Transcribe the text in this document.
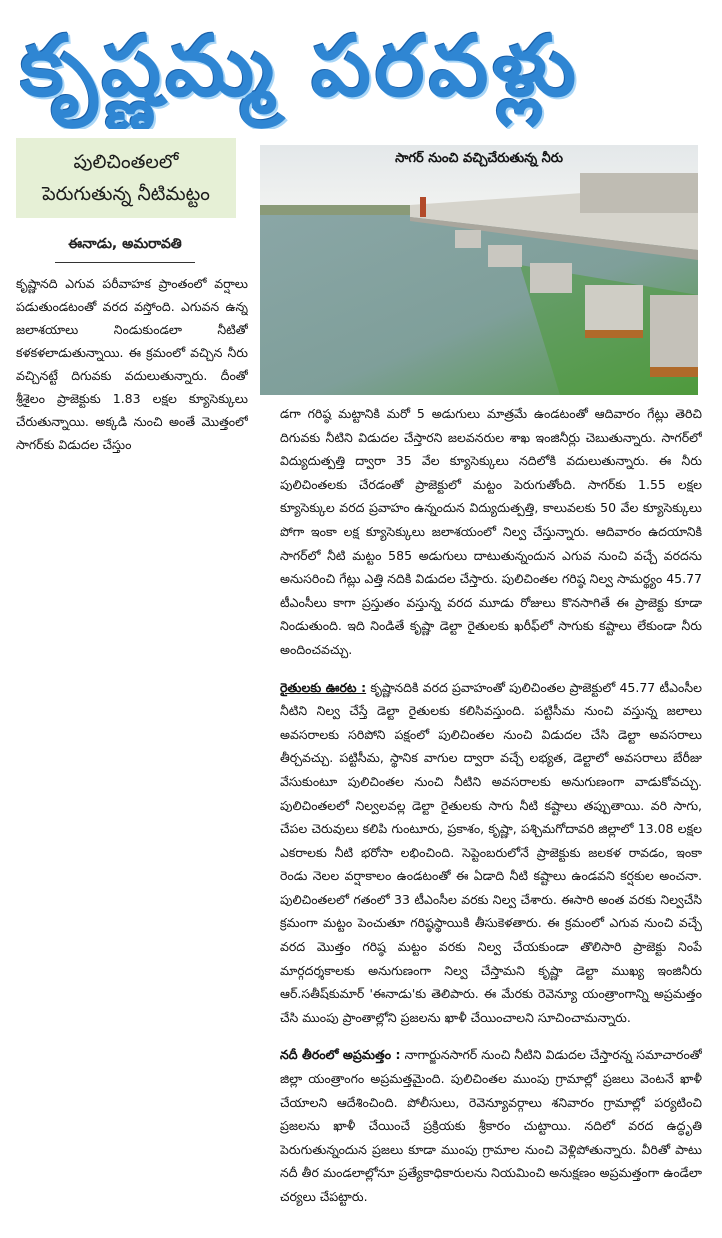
కృష్ణమ్మ పరవళ్లు
పులిచింతలలో
పెరుగుతున్న నీటిమట్టం
ఈనాడు, అమరావతి

కృష్ణానది ఎగువ పరీవాహక ప్రాంతంలో వర్షాలు పడుతుండటంతో వరద వస్తోంది. ఎగువన ఉన్న జలాశయాలు నిండుకుండలా నీటితో కళకళలాడుతున్నాయి. ఈ క్రమంలో వచ్చిన నీరు వచ్చినట్టే దిగువకు వదులుతున్నారు. దీంతో శ్రీశైలం ప్రాజెక్టుకు 1.83 లక్షల క్యూసెక్కులు చేరుతున్నాయి. అక్కడి నుంచి అంతే మొత్తంలో సాగర్‌కు విడుదల చేస్తుం

సాగర్‌ నుంచి వచ్చిచేరుతున్న నీరు

డగా గరిష్ఠ మట్టానికి మరో 5 అడుగులు మాత్రమే ఉండటంతో ఆదివారం గేట్లు తెరిచి దిగువకు నీటిని విడుదల చేస్తారని జలవనరుల శాఖ ఇంజినీర్లు చెబుతున్నారు. సాగర్‌లో విద్యుదుత్పత్తి ద్వారా 35 వేల క్యూసెక్కులు నదిలోకి వదులుతున్నారు. ఈ నీరు పులిచింతలకు చేరడంతో ప్రాజెక్టులో మట్టం పెరుగుతోంది. సాగర్‌కు 1.55 లక్షల క్యూసెక్కుల వరద ప్రవాహం ఉన్నందున విద్యుదుత్పత్తి, కాలువలకు 50 వేల క్యూసెక్కులు పోగా ఇంకా లక్ష క్యూసెక్కులు జలాశయంలో నిల్వ చేస్తున్నారు. ఆదివారం ఉదయానికి సాగర్‌లో నీటి మట్టం 585 అడుగులు దాటుతున్నందున ఎగువ నుంచి వచ్చే వరదను అనుసరించి గేట్లు ఎత్తి నదికి విడుదల చేస్తారు. పులిచింతల గరిష్ఠ నిల్వ సామర్థ్యం 45.77 టీఎంసీలు కాగా ప్రస్తుతం వస్తున్న వరద మూడు రోజులు కొనసాగితే ఈ ప్రాజెక్టు కూడా నిండుతుంది. ఇది నిండితే కృష్ణా డెల్టా రైతులకు ఖరీఫ్‌లో సాగుకు కష్టాలు లేకుండా నీరు అందించవచ్చు.

రైతులకు ఊరట : కృష్ణానదికి వరద ప్రవాహంతో పులిచింతల ప్రాజెక్టులో 45.77 టీఎంసీల నీటిని నిల్వ చేస్తే డెల్టా రైతులకు కలిసివస్తుంది. పట్టిసీమ నుంచి వస్తున్న జలాలు అవసరాలకు సరిపోని పక్షంలో పులిచింతల నుంచి విడుదల చేసి డెల్టా అవసరాలు తీర్చవచ్చు. పట్టిసీమ, స్థానిక వాగుల ద్వారా వచ్చే లభ్యత, డెల్టాలో అవసరాలు బేరీజు వేసుకుంటూ పులిచింతల నుంచి నీటిని అవసరాలకు అనుగుణంగా వాడుకోవచ్చు. పులిచింతలలో నిల్వలవల్ల డెల్టా రైతులకు సాగు నీటి కష్టాలు తప్పుతాయి. వరి సాగు, చేపల చెరువులు కలిపి గుంటూరు, ప్రకాశం, కృష్ణా, పశ్చిమగోదావరి జిల్లాలో 13.08 లక్షల ఎకరాలకు నీటి భరోసా లభించింది. సెప్టెంబరులోనే ప్రాజెక్టుకు జలకళ రావడం, ఇంకా రెండు నెలల వర్షాకాలం ఉండటంతో ఈ ఏడాది నీటి కష్టాలు ఉండవని కర్షకుల అంచనా. పులిచింతలలో గతంలో 33 టీఎంసీల వరకు నిల్వ చేశారు. ఈసారి అంత వరకు నిల్వచేసి క్రమంగా మట్టం పెంచుతూ గరిష్ఠస్థాయికి తీసుకెళతారు. ఈ క్రమంలో ఎగువ నుంచి వచ్చే వరద మొత్తం గరిష్ఠ మట్టం వరకు నిల్వ చేయకుండా తొలిసారి ప్రాజెక్టు నింపే మార్గదర్శకాలకు అనుగుణంగా నిల్వ చేస్తామని కృష్ణా డెల్టా ముఖ్య ఇంజినీరు ఆర్‌.సతీష్‌కుమార్‌ 'ఈనాడు'కు తెలిపారు. ఈ మేరకు రెవెన్యూ యంత్రాంగాన్ని అప్రమత్తం చేసి ముంపు ప్రాంతాల్లోని ప్రజలను ఖాళీ చేయించాలని సూచించామన్నారు.

నదీ తీరంలో అప్రమత్తం : నాగార్జునసాగర్‌ నుంచి నీటిని విడుదల చేస్తారన్న సమాచారంతో జిల్లా యంత్రాంగం అప్రమత్తమైంది. పులిచింతల ముంపు గ్రామాల్లో ప్రజలు వెంటనే ఖాళీ చేయాలని ఆదేశించింది. పోలీసులు, రెవెన్యూవర్గాలు శనివారం గ్రామాల్లో పర్యటించి ప్రజలను ఖాళీ చేయించే ప్రక్రియకు శ్రీకారం చుట్టాయి. నదిలో వరద ఉద్ధృతి పెరుగుతున్నందున ప్రజలు కూడా ముంపు గ్రామాల నుంచి వెళ్లిపోతున్నారు. వీరితో పాటు నదీ తీర మండలాల్లోనూ ప్రత్యేకాధికారులను నియమించి అనుక్షణం అప్రమత్తంగా ఉండేలా చర్యలు చేపట్టారు.
